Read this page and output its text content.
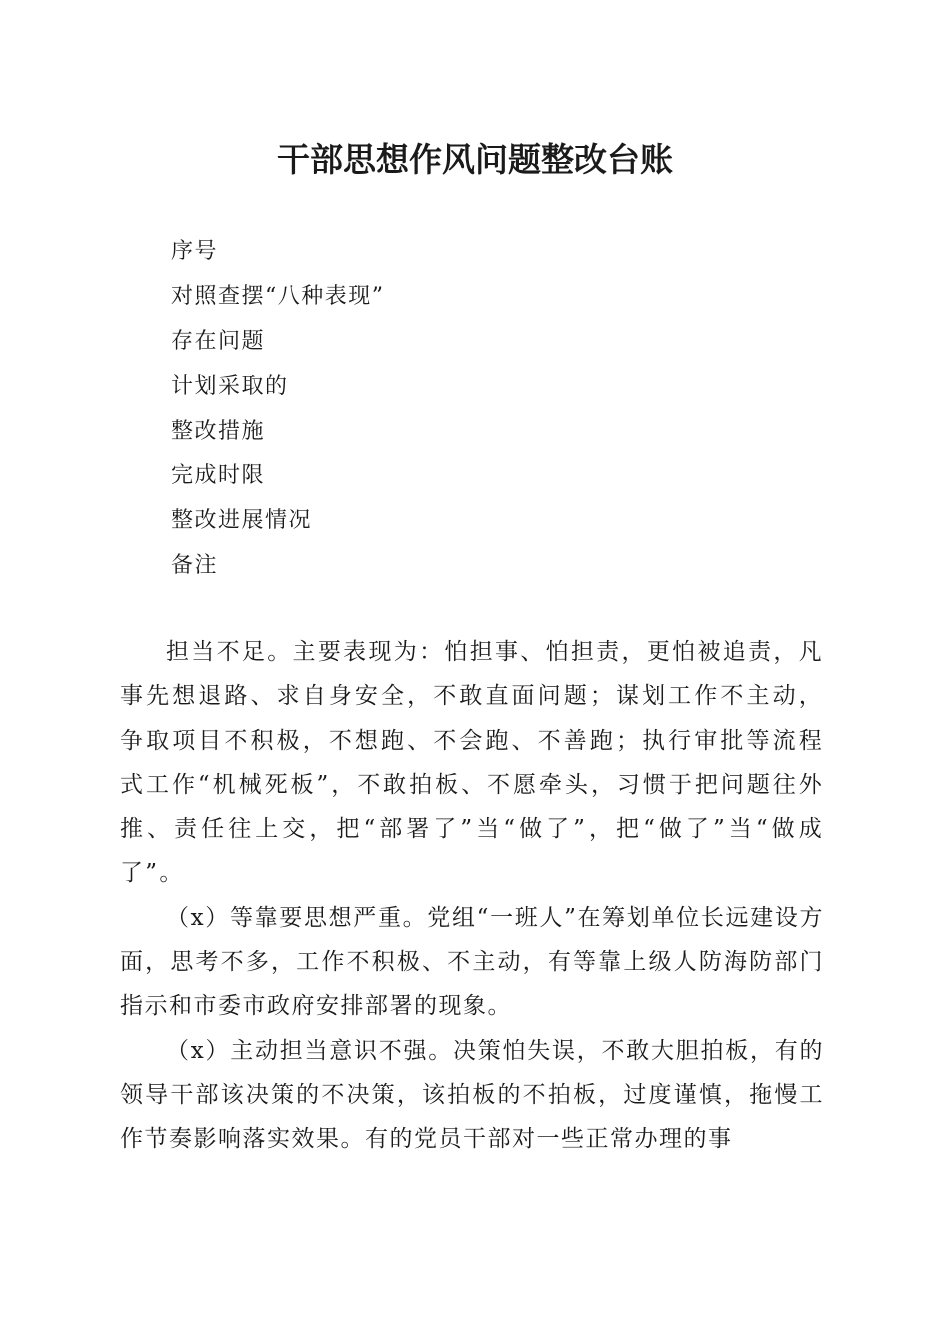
干部思想作风问题整改台账
序号
对照查摆“八种表现”
存在问题
计划采取的
整改措施
完成时限
整改进展情况
备注

担当不足。主要表现为：怕担事、怕担责，更怕被追责，凡事先想退路、求自身安全，不敢直面问题；谋划工作不主动，争取项目不积极，不想跑、不会跑、不善跑；执行审批等流程式工作“机械死板”，不敢拍板、不愿牵头，习惯于把问题往外推、责任往上交，把“部署了”当“做了”，把“做了”当“做成了”。

（x）等靠要思想严重。党组“一班人”在筹划单位长远建设方面，思考不多，工作不积极、不主动，有等靠上级人防海防部门指示和市委市政府安排部署的现象。

（x）主动担当意识不强。决策怕失误，不敢大胆拍板，有的领导干部该决策的不决策，该拍板的不拍板，过度谨慎，拖慢工作节奏影响落实效果。有的党员干部对一些正常办理的事
